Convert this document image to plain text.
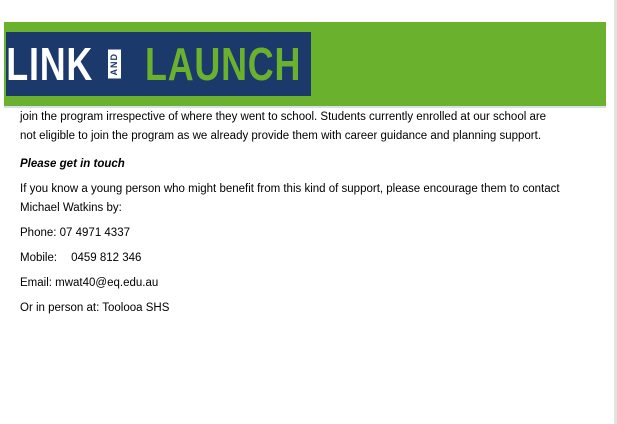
LINK AND LAUNCH

join the program irrespective of where they went to school. Students currently enrolled at our school are

not eligible to join the program as we already provide them with career guidance and planning support.

Please get in touch

If you know a young person who might benefit from this kind of support, please encourage them to contact

Michael Watkins by:

Phone: 07 4971 4337

Mobile: 0459 812 346

Email: mwat40@eq.edu.au

Or in person at: Toolooa SHS
